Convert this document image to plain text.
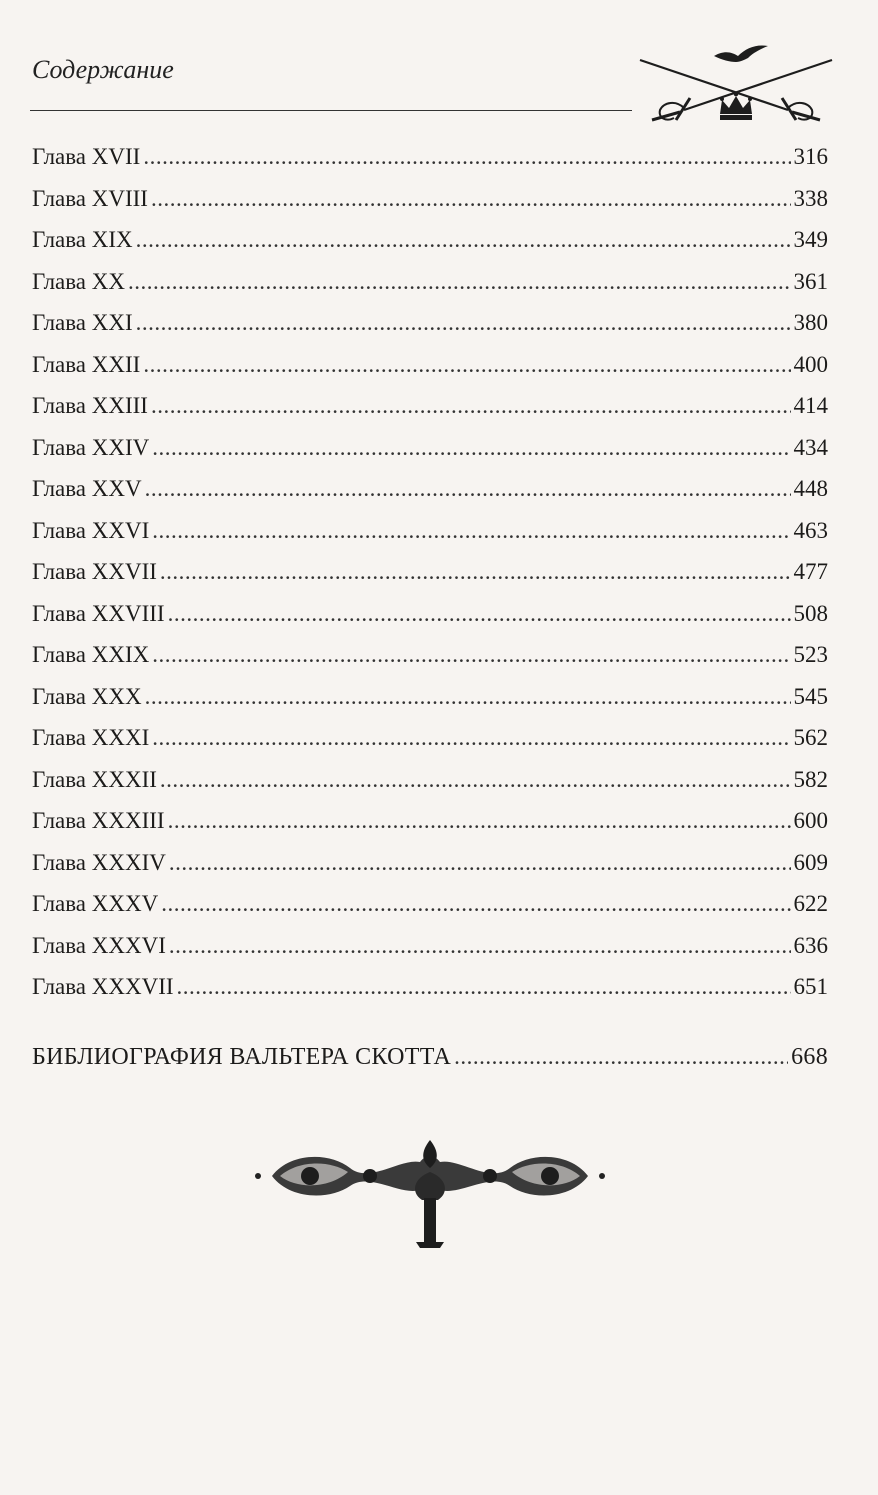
Содержание
Глава XVII .....	316
Глава XVIII .....	338
Глава XIX .....	349
Глава XX .....	361
Глава XXI .....	380
Глава XXII .....	400
Глава XXIII .....	414
Глава XXIV .....	434
Глава XXV .....	448
Глава XXVI .....	463
Глава XXVII .....	477
Глава XXVIII .....	508
Глава XXIX .....	523
Глава XXX .....	545
Глава XXXI .....	562
Глава XXXII .....	582
Глава XXXIII .....	600
Глава XXXIV .....	609
Глава XXXV .....	622
Глава XXXVI .....	636
Глава XXXVII .....	651
БИБЛИОГРАФИЯ ВАЛЬТЕРА СКОТТА .....	668
